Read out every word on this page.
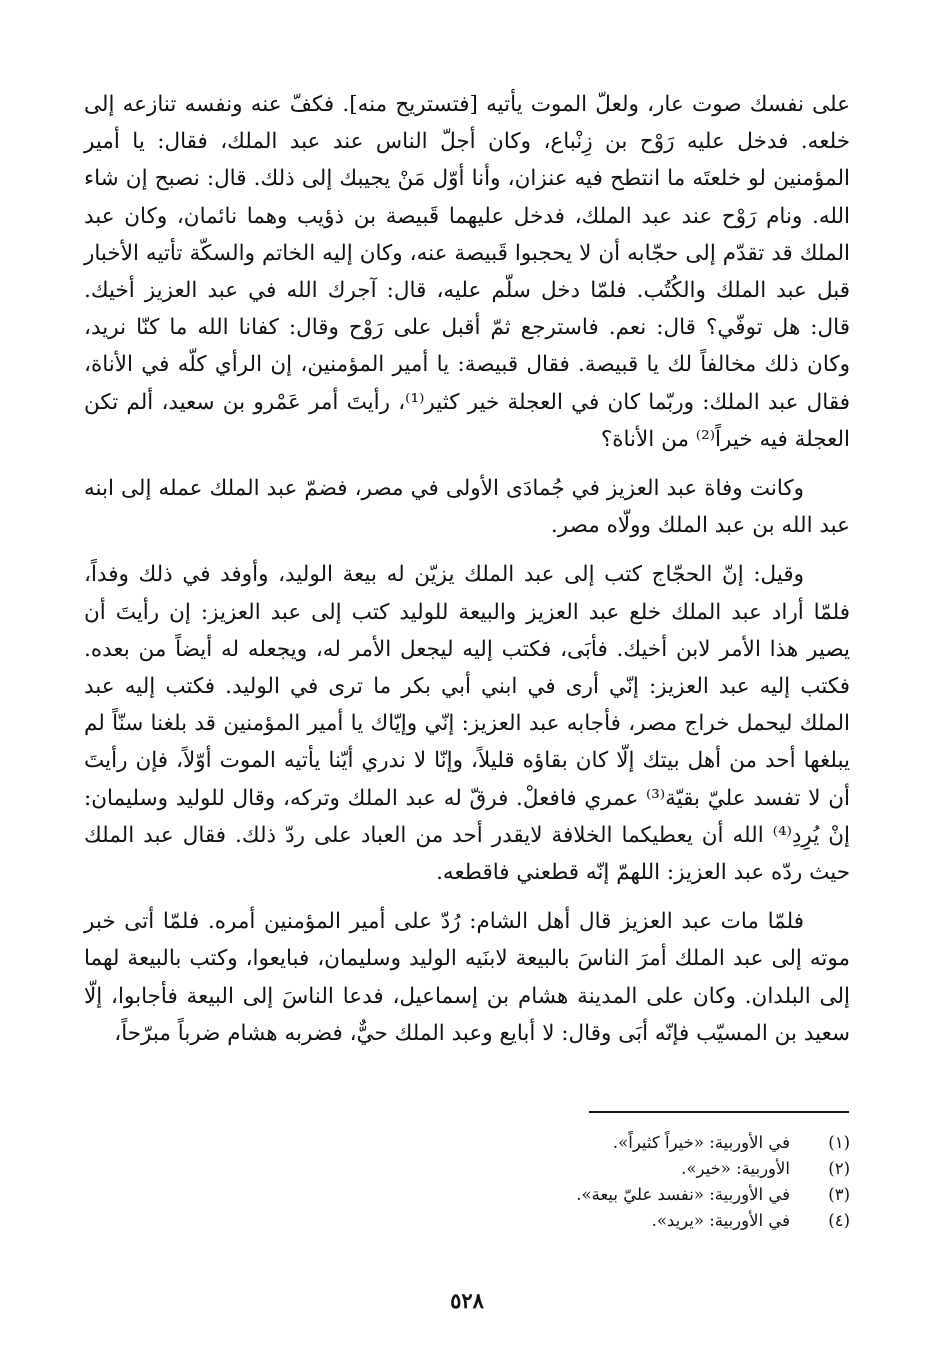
على نفسك صوت عار، ولعلّ الموت يأتيه [فتستريح منه]. فكفّ عنه ونفسه تنازعه إلى خلعه. فدخل عليه رَوْح بن زِنْباع، وكان أجلّ الناس عند عبد الملك، فقال: يا أمير المؤمنين لو خلعتَه ما انتطح فيه عنزان، وأنا أوّل مَنْ يجيبك إلى ذلك. قال: نصبح إن شاء الله. ونام رَوْح عند عبد الملك، فدخل عليهما قَبيصة بن ذؤيب وهما نائمان، وكان عبد الملك قد تقدّم إلى حجّابه أن لا يحجبوا قَبيصة عنه، وكان إليه الخاتم والسكّة تأتيه الأخبار قبل عبد الملك والكُتُب. فلمّا دخل سلّم عليه، قال: آجرك الله في عبد العزيز أخيك. قال: هل توفّي؟ قال: نعم. فاسترجع ثمّ أقبل على رَوْح وقال: كفانا الله ما كنّا نريد، وكان ذلك مخالفاً لك يا قبيصة. فقال قبيصة: يا أمير المؤمنين، إن الرأي كلّه في الأناة، فقال عبد الملك: وربّما كان في العجلة خير كثير⁽¹⁾، رأيتَ أمر عَمْرو بن سعيد، ألم تكن العجلة فيه خيراً⁽²⁾ من الأناة؟

وكانت وفاة عبد العزيز في جُمادَى الأولى في مصر، فضمّ عبد الملك عمله إلى ابنه عبد الله بن عبد الملك وولّاه مصر.

وقيل: إنّ الحجّاج كتب إلى عبد الملك يزيّن له بيعة الوليد، وأوفد في ذلك وفداً، فلمّا أراد عبد الملك خلع عبد العزيز والبيعة للوليد كتب إلى عبد العزيز: إن رأيتَ أن يصير هذا الأمر لابن أخيك. فأبَى، فكتب إليه ليجعل الأمر له، ويجعله له أيضاً من بعده. فكتب إليه عبد العزيز: إنّي أرى في ابني أبي بكر ما ترى في الوليد. فكتب إليه عبد الملك ليحمل خراج مصر، فأجابه عبد العزيز: إنّي وإيّاك يا أمير المؤمنين قد بلغنا سنّاً لم يبلغها أحد من أهل بيتك إلّا كان بقاؤه قليلاً، وإنّا لا ندري أيّنا يأتيه الموت أوّلاً، فإن رأيتَ أن لا تفسد عليّ بقيّة⁽³⁾ عمري فافعلْ. فرقّ له عبد الملك وتركه، وقال للوليد وسليمان: إنْ يُرِدِ⁽⁴⁾ الله أن يعطيكما الخلافة لايقدر أحد من العباد على ردّ ذلك. فقال عبد الملك حيث ردّه عبد العزيز: اللهمّ إنّه قطعني فاقطعه.

فلمّا مات عبد العزيز قال أهل الشام: رُدّ على أمير المؤمنين أمره. فلمّا أتى خبر موته إلى عبد الملك أمرَ الناسَ بالبيعة لابنَيه الوليد وسليمان، فبايعوا، وكتب بالبيعة لهما إلى البلدان. وكان على المدينة هشام بن إسماعيل، فدعا الناسَ إلى البيعة فأجابوا، إلّا سعيد بن المسيّب فإنّه أبَى وقال: لا أبايع وعبد الملك حيٌّ، فضربه هشام ضرباً مبرّحاً،

(١)
في الأوربية: «خيراً كثيراً».
(٢)
الأوربية: «خير».
(٣)
في الأوربية: «نفسد عليّ بيعة».
(٤)
في الأوربية: «يريد».
٥٢٨
